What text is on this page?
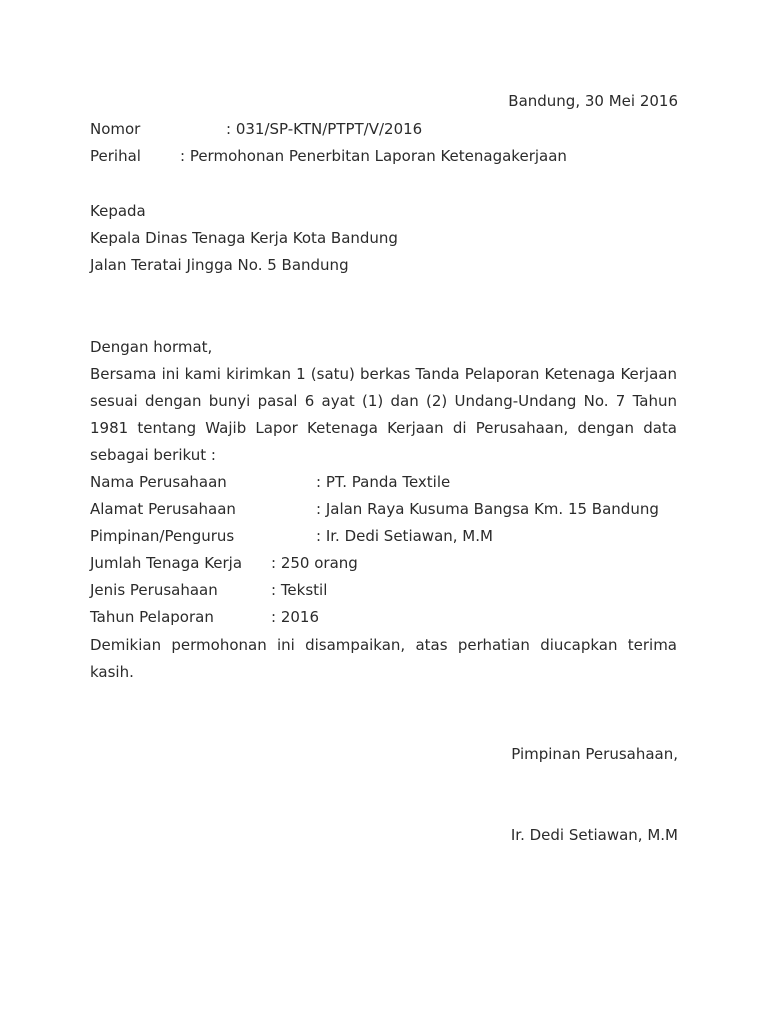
Bandung, 30 Mei 2016
Nomor	: 031/SP-KTN/PTPT/V/2016
Perihal	: Permohonan Penerbitan Laporan Ketenagakerjaan
Kepada
Kepala Dinas Tenaga Kerja Kota Bandung
Jalan Teratai Jingga No. 5 Bandung
Dengan hormat,
Bersama ini kami kirimkan 1 (satu) berkas Tanda Pelaporan Ketenaga Kerjaan
sesuai dengan bunyi pasal 6 ayat (1) dan (2) Undang-Undang No. 7 Tahun
1981 tentang Wajib Lapor Ketenaga Kerjaan di Perusahaan, dengan data
sebagai berikut :
Nama Perusahaan	: PT. Panda Textile
Alamat Perusahaan	: Jalan Raya Kusuma Bangsa Km. 15 Bandung
Pimpinan/Pengurus	: Ir. Dedi Setiawan, M.M
Jumlah Tenaga Kerja : 250 orang
Jenis Perusahaan	: Tekstil
Tahun Pelaporan	: 2016
Demikian permohonan ini disampaikan, atas perhatian diucapkan terima
kasih.
Pimpinan Perusahaan,
Ir. Dedi Setiawan, M.M
